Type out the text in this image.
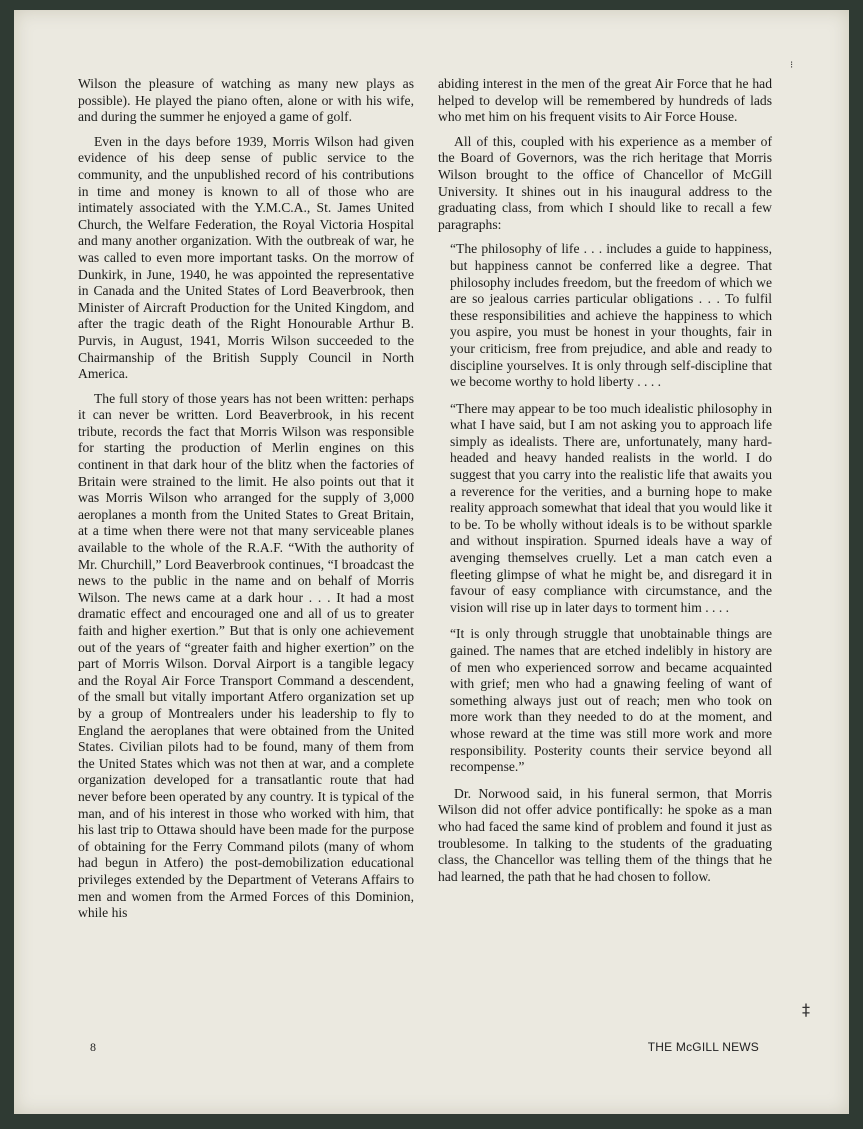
Wilson the pleasure of watching as many new plays as possible). He played the piano often, alone or with his wife, and during the summer he enjoyed a game of golf.

Even in the days before 1939, Morris Wilson had given evidence of his deep sense of public service to the community, and the unpublished record of his contributions in time and money is known to all of those who are intimately associated with the Y.M.C.A., St. James United Church, the Welfare Federation, the Royal Victoria Hospital and many another organization. With the outbreak of war, he was called to even more important tasks. On the morrow of Dunkirk, in June, 1940, he was appointed the representative in Canada and the United States of Lord Beaverbrook, then Minister of Aircraft Production for the United Kingdom, and after the tragic death of the Right Honourable Arthur B. Purvis, in August, 1941, Morris Wilson succeeded to the Chairmanship of the British Supply Council in North America.

The full story of those years has not been written: perhaps it can never be written. Lord Beaverbrook, in his recent tribute, records the fact that Morris Wilson was responsible for starting the production of Merlin engines on this continent in that dark hour of the blitz when the factories of Britain were strained to the limit. He also points out that it was Morris Wilson who arranged for the supply of 3,000 aeroplanes a month from the United States to Great Britain, at a time when there were not that many serviceable planes available to the whole of the R.A.F. “With the authority of Mr. Churchill,” Lord Beaverbrook continues, “I broadcast the news to the public in the name and on behalf of Morris Wilson. The news came at a dark hour . . . It had a most dramatic effect and encouraged one and all of us to greater faith and higher exertion.” But that is only one achievement out of the years of “greater faith and higher exertion” on the part of Morris Wilson. Dorval Airport is a tangible legacy and the Royal Air Force Transport Command a descendent, of the small but vitally important Atfero organization set up by a group of Montrealers under his leadership to fly to England the aeroplanes that were obtained from the United States. Civilian pilots had to be found, many of them from the United States which was not then at war, and a complete organization developed for a transatlantic route that had never before been operated by any country. It is typical of the man, and of his interest in those who worked with him, that his last trip to Ottawa should have been made for the purpose of obtaining for the Ferry Command pilots (many of whom had begun in Atfero) the post-demobilization educational privileges extended by the Department of Veterans Affairs to men and women from the Armed Forces of this Dominion, while his

abiding interest in the men of the great Air Force that he had helped to develop will be remembered by hundreds of lads who met him on his frequent visits to Air Force House.

All of this, coupled with his experience as a member of the Board of Governors, was the rich heritage that Morris Wilson brought to the office of Chancellor of McGill University. It shines out in his inaugural address to the graduating class, from which I should like to recall a few paragraphs:

“The philosophy of life . . . includes a guide to happiness, but happiness cannot be conferred like a degree. That philosophy includes freedom, but the freedom of which we are so jealous carries particular obligations . . . To fulfil these responsibilities and achieve the happiness to which you aspire, you must be honest in your thoughts, fair in your criticism, free from prejudice, and able and ready to discipline yourselves. It is only through self-discipline that we become worthy to hold liberty . . . .

“There may appear to be too much idealistic philosophy in what I have said, but I am not asking you to approach life simply as idealists. There are, unfortunately, many hard-headed and heavy handed realists in the world. I do suggest that you carry into the realistic life that awaits you a reverence for the verities, and a burning hope to make reality approach somewhat that ideal that you would like it to be. To be wholly without ideals is to be without sparkle and without inspiration. Spurned ideals have a way of avenging themselves cruelly. Let a man catch even a fleeting glimpse of what he might be, and disregard it in favour of easy compliance with circumstance, and the vision will rise up in later days to torment him . . . .

“It is only through struggle that unobtainable things are gained. The names that are etched indelibly in history are of men who experienced sorrow and became acquainted with grief; men who had a gnawing feeling of want of something always just out of reach; men who took on more work than they needed to do at the moment, and whose reward at the time was still more work and more responsibility. Posterity counts their service beyond all recompense.”

Dr. Norwood said, in his funeral sermon, that Morris Wilson did not offer advice pontifically: he spoke as a man who had faced the same kind of problem and found it just as troublesome. In talking to the students of the graduating class, the Chancellor was telling them of the things that he had learned, the path that he had chosen to follow.

8	THE McGILL NEWS
⁝
‡
